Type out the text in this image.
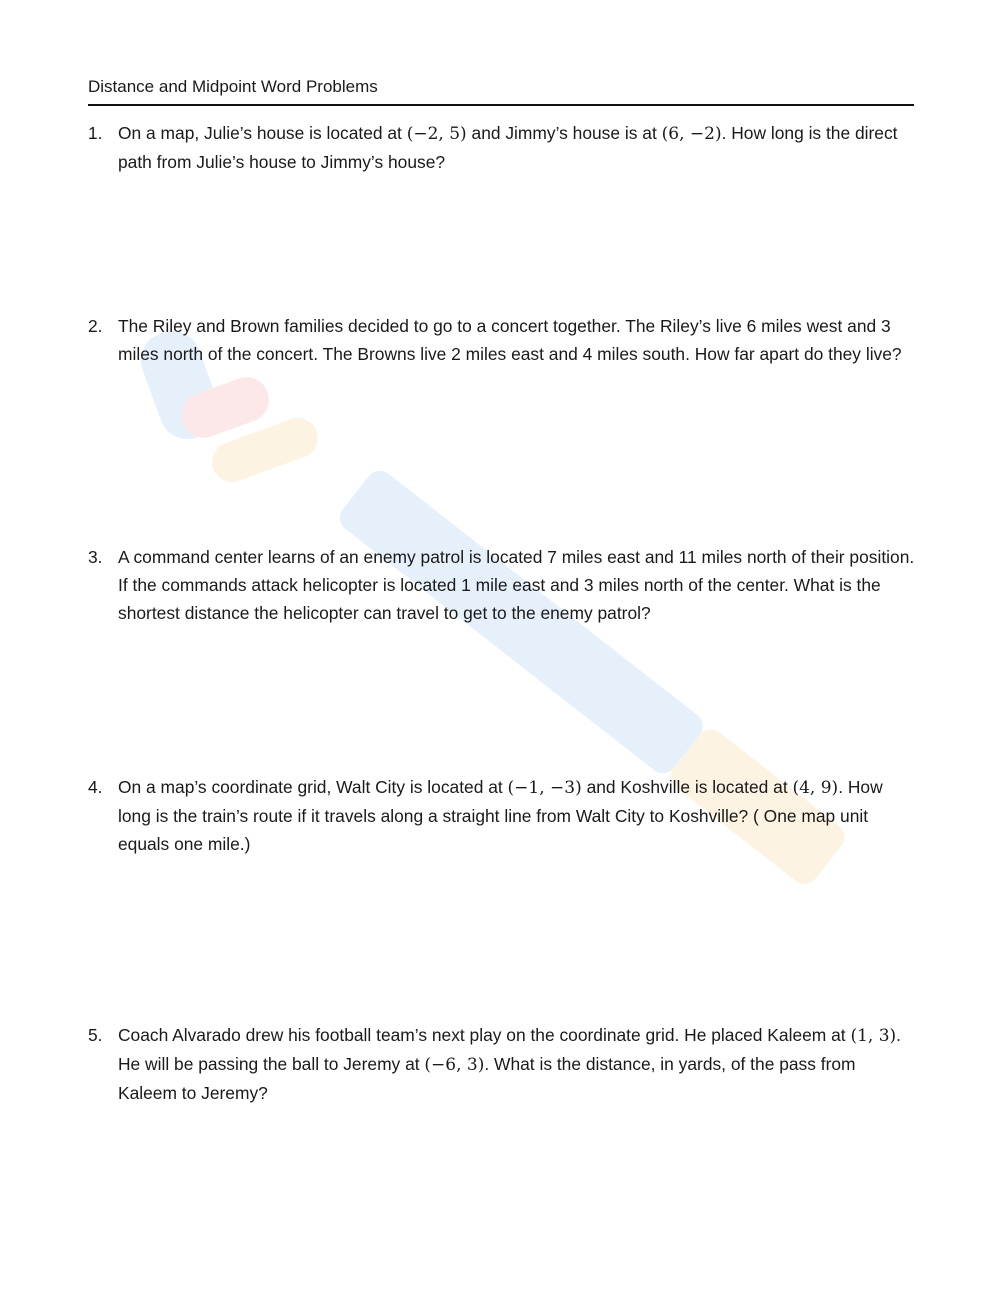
Distance and Midpoint Word Problems
1. On a map, Julie’s house is located at (−2, 5) and Jimmy’s house is at (6, −2). How long is the direct path from Julie’s house to Jimmy’s house?
2. The Riley and Brown families decided to go to a concert together. The Riley’s live 6 miles west and 3 miles north of the concert. The Browns live 2 miles east and 4 miles south. How far apart do they live?
3. A command center learns of an enemy patrol is located 7 miles east and 11 miles north of their position. If the commands attack helicopter is located 1 mile east and 3 miles north of the center. What is the shortest distance the helicopter can travel to get to the enemy patrol?
4. On a map’s coordinate grid, Walt City is located at (−1, −3) and Koshville is located at (4, 9). How long is the train’s route if it travels along a straight line from Walt City to Koshville? ( One map unit equals one mile.)
5. Coach Alvarado drew his football team’s next play on the coordinate grid. He placed Kaleem at (1, 3). He will be passing the ball to Jeremy at (−6, 3). What is the distance, in yards, of the pass from Kaleem to Jeremy?
